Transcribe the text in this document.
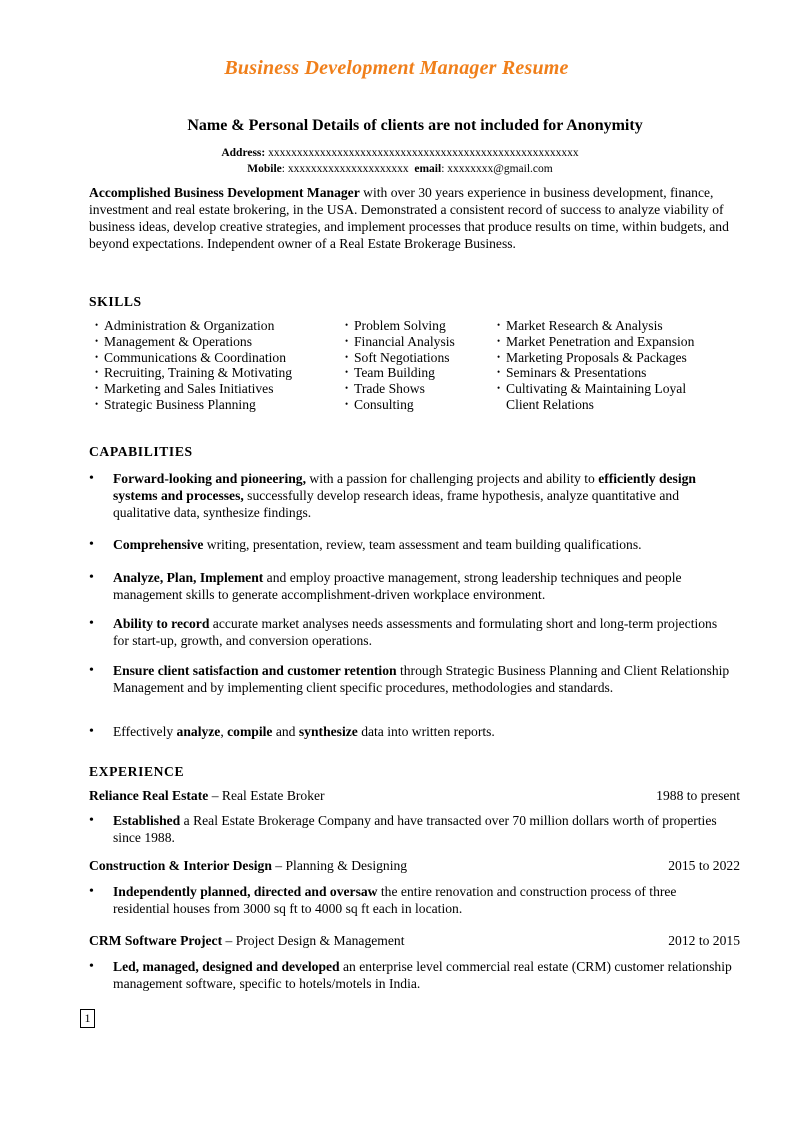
Business Development Manager Resume
Name & Personal Details of clients are not included for Anonymity
Address: xxxxxxxxxxxxxxxxxxxxxxxxxxxxxxxxxxxxxxxxxxxxxxxxxxxxxx
Mobile: xxxxxxxxxxxxxxxxxxxxx email: xxxxxxxx@gmail.com
Accomplished Business Development Manager with over 30 years experience in business development, finance, investment and real estate brokering, in the USA. Demonstrated a consistent record of success to analyze viability of business ideas, develop creative strategies, and implement processes that produce results on time, within budgets, and beyond expectations. Independent owner of a Real Estate Brokerage Business.
SKILLS
• Administration & Organization
• Management & Operations
• Communications & Coordination
• Recruiting, Training & Motivating
• Marketing and Sales Initiatives
• Strategic Business Planning
• Problem Solving
• Financial Analysis
• Soft Negotiations
• Team Building
• Trade Shows
• Consulting
• Market Research & Analysis
• Market Penetration and Expansion
• Marketing Proposals & Packages
• Seminars & Presentations
• Cultivating & Maintaining Loyal
Client Relations
CAPABILITIES
• Forward-looking and pioneering, with a passion for challenging projects and ability to efficiently design systems and processes, successfully develop research ideas, frame hypothesis, analyze quantitative and qualitative data, synthesize findings.
• Comprehensive writing, presentation, review, team assessment and team building qualifications.
• Analyze, Plan, Implement and employ proactive management, strong leadership techniques and people management skills to generate accomplishment-driven workplace environment.
• Ability to record accurate market analyses needs assessments and formulating short and long-term projections for start-up, growth, and conversion operations.
• Ensure client satisfaction and customer retention through Strategic Business Planning and Client Relationship Management and by implementing client specific procedures, methodologies and standards.
• Effectively analyze, compile and synthesize data into written reports.
EXPERIENCE
Reliance Real Estate – Real Estate Broker	1988 to present
• Established a Real Estate Brokerage Company and have transacted over 70 million dollars worth of properties since 1988.
Construction & Interior Design – Planning & Designing	2015 to 2022
• Independently planned, directed and oversaw the entire renovation and construction process of three residential houses from 3000 sq ft to 4000 sq ft each in location.
CRM Software Project – Project Design & Management	2012 to 2015
• Led, managed, designed and developed an enterprise level commercial real estate (CRM) customer relationship management software, specific to hotels/motels in India.
1
